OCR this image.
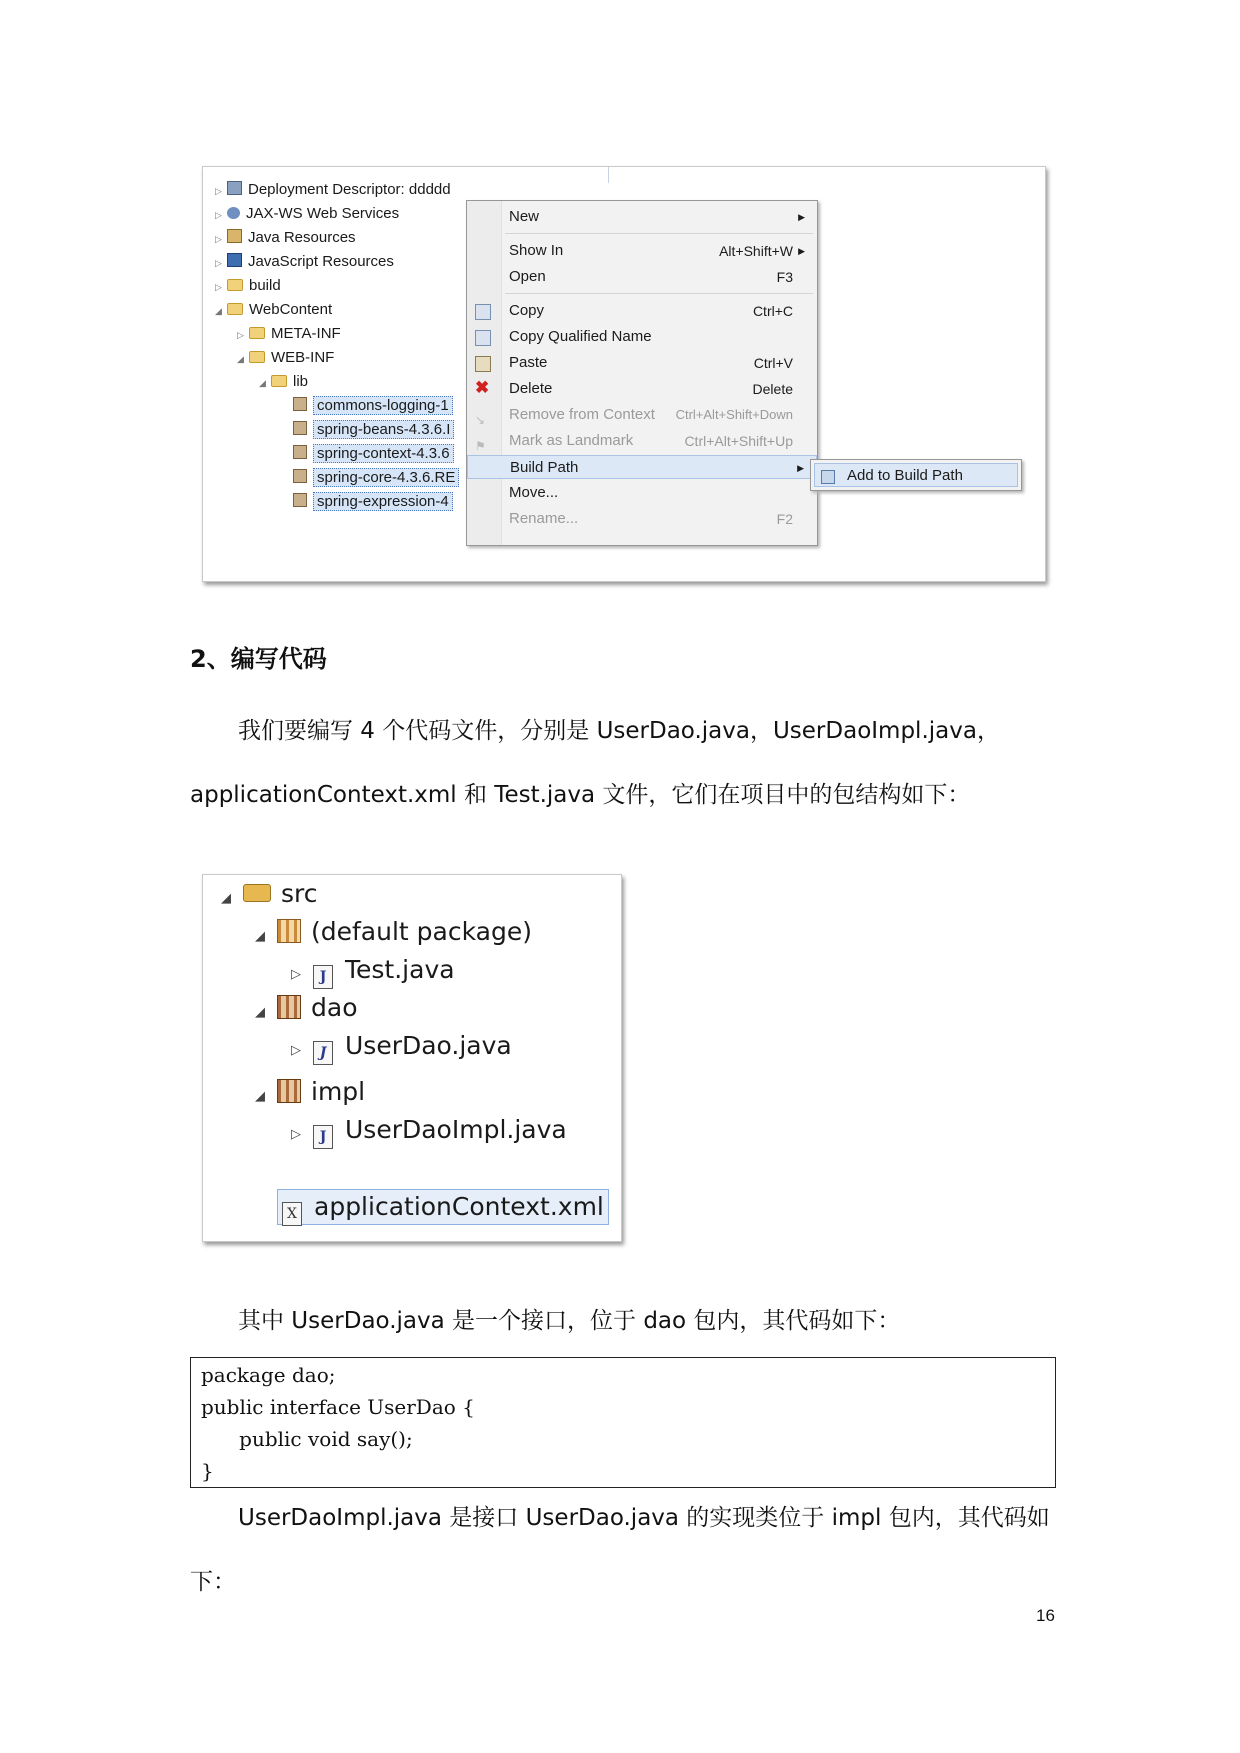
▷ Deployment Descriptor: ddddd
▷ JAX-WS Web Services
▷ Java Resources
▷ JavaScript Resources
▷ build
◢ WebContent
▷ META-INF
◢ WEB-INF
◢ lib
commons-logging-1
spring-beans-4.3.6.I
spring-context-4.3.6
spring-core-4.3.6.RE
spring-expression-4
New	▶
Show In	Alt+Shift+W ▶
Open	F3
Copy	Ctrl+C
Copy Qualified Name
Paste	Ctrl+V
✖ Delete	Delete
↘ Remove from Context Ctrl+Alt+Shift+Down
⚑ Mark as Landmark	Ctrl+Alt+Shift+Up
Build Path	▶
Move...
Rename...	F2
Add to Build Path
2、编写代码
我们要编写 4 个代码文件，分别是 UserDao.java，UserDaoImpl.java，
applicationContext.xml 和 Test.java 文件，它们在项目中的包结构如下：
◢ src
◢ (default package)
▷ J Test.java
◢ dao
▷ J UserDao.java
◢ impl
▷ J UserDaoImpl.java
X applicationContext.xml
其中 UserDao.java 是一个接口，位于 dao 包内，其代码如下：
package dao;
public interface UserDao {
public void say();
}
UserDaoImpl.java 是接口 UserDao.java 的实现类位于 impl 包内，其代码如
下：
16
